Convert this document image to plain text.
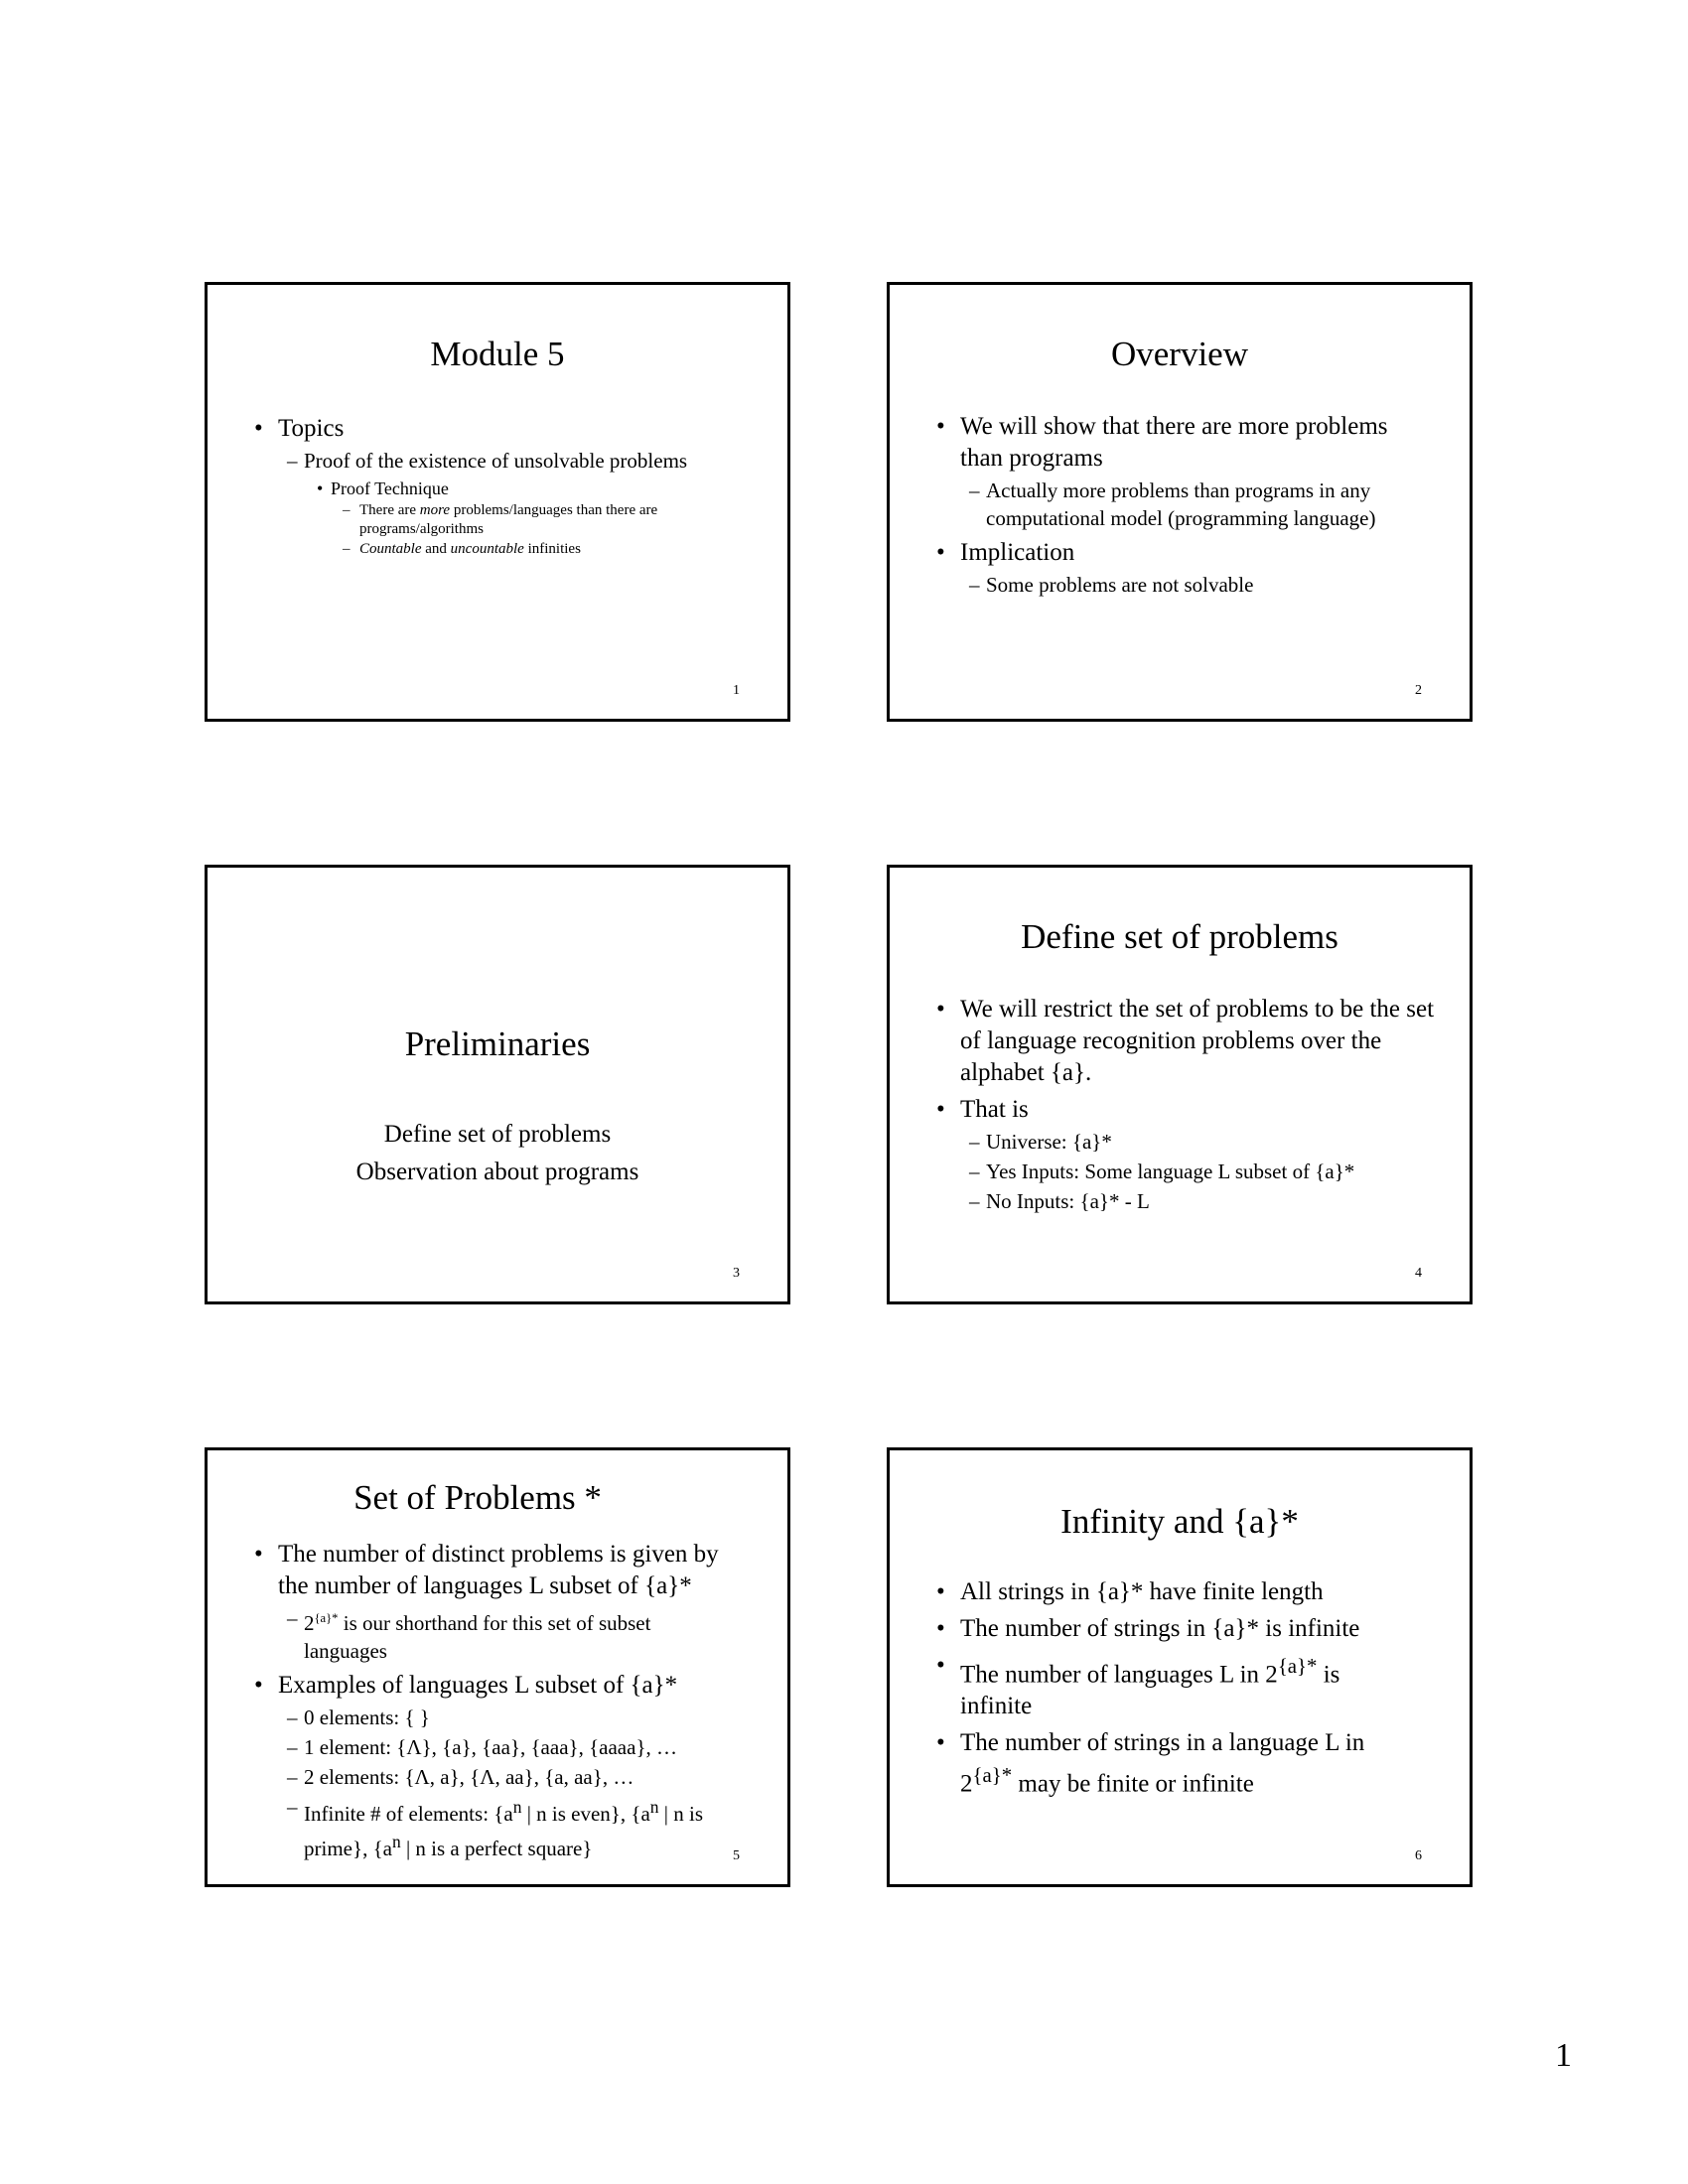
Module 5
• Topics
– Proof of the existence of unsolvable problems
• Proof Technique
– There are more problems/languages than there are programs/algorithms
– Countable and uncountable infinities
1
Overview
• We will show that there are more problems than programs
– Actually more problems than programs in any computational model (programming language)
• Implication
– Some problems are not solvable
2
Preliminaries
Define set of problems
Observation about programs
3
Define set of problems
• We will restrict the set of problems to be the set of language recognition problems over the alphabet {a}.
• That is
– Universe: {a}*
– Yes Inputs: Some language L subset of {a}*
– No Inputs: {a}* - L
4
Set of Problems *
• The number of distinct problems is given by the number of languages L subset of {a}*
– $2^{\{a\}*}$ is our shorthand for this set of subset languages
• Examples of languages L subset of {a}*
– 0 elements: { }
– 1 element: {Λ}, {a}, {aa}, {aaa}, {aaaa}, …
– 2 elements: {Λ, a}, {Λ, aa}, {a, aa}, …
– Infinite # of elements: {$a^n$ | n is even}, {$a^n$ | n is prime}, {$a^n$ | n is a perfect square}	5
Infinity and {a}*
• All strings in {a}* have finite length
• The number of strings in {a}* is infinite
• The number of languages L in $2^{\{a\}*}$ is infinite
• The number of strings in a language L in $2^{\{a\}*}$ may be finite or infinite
6
1
